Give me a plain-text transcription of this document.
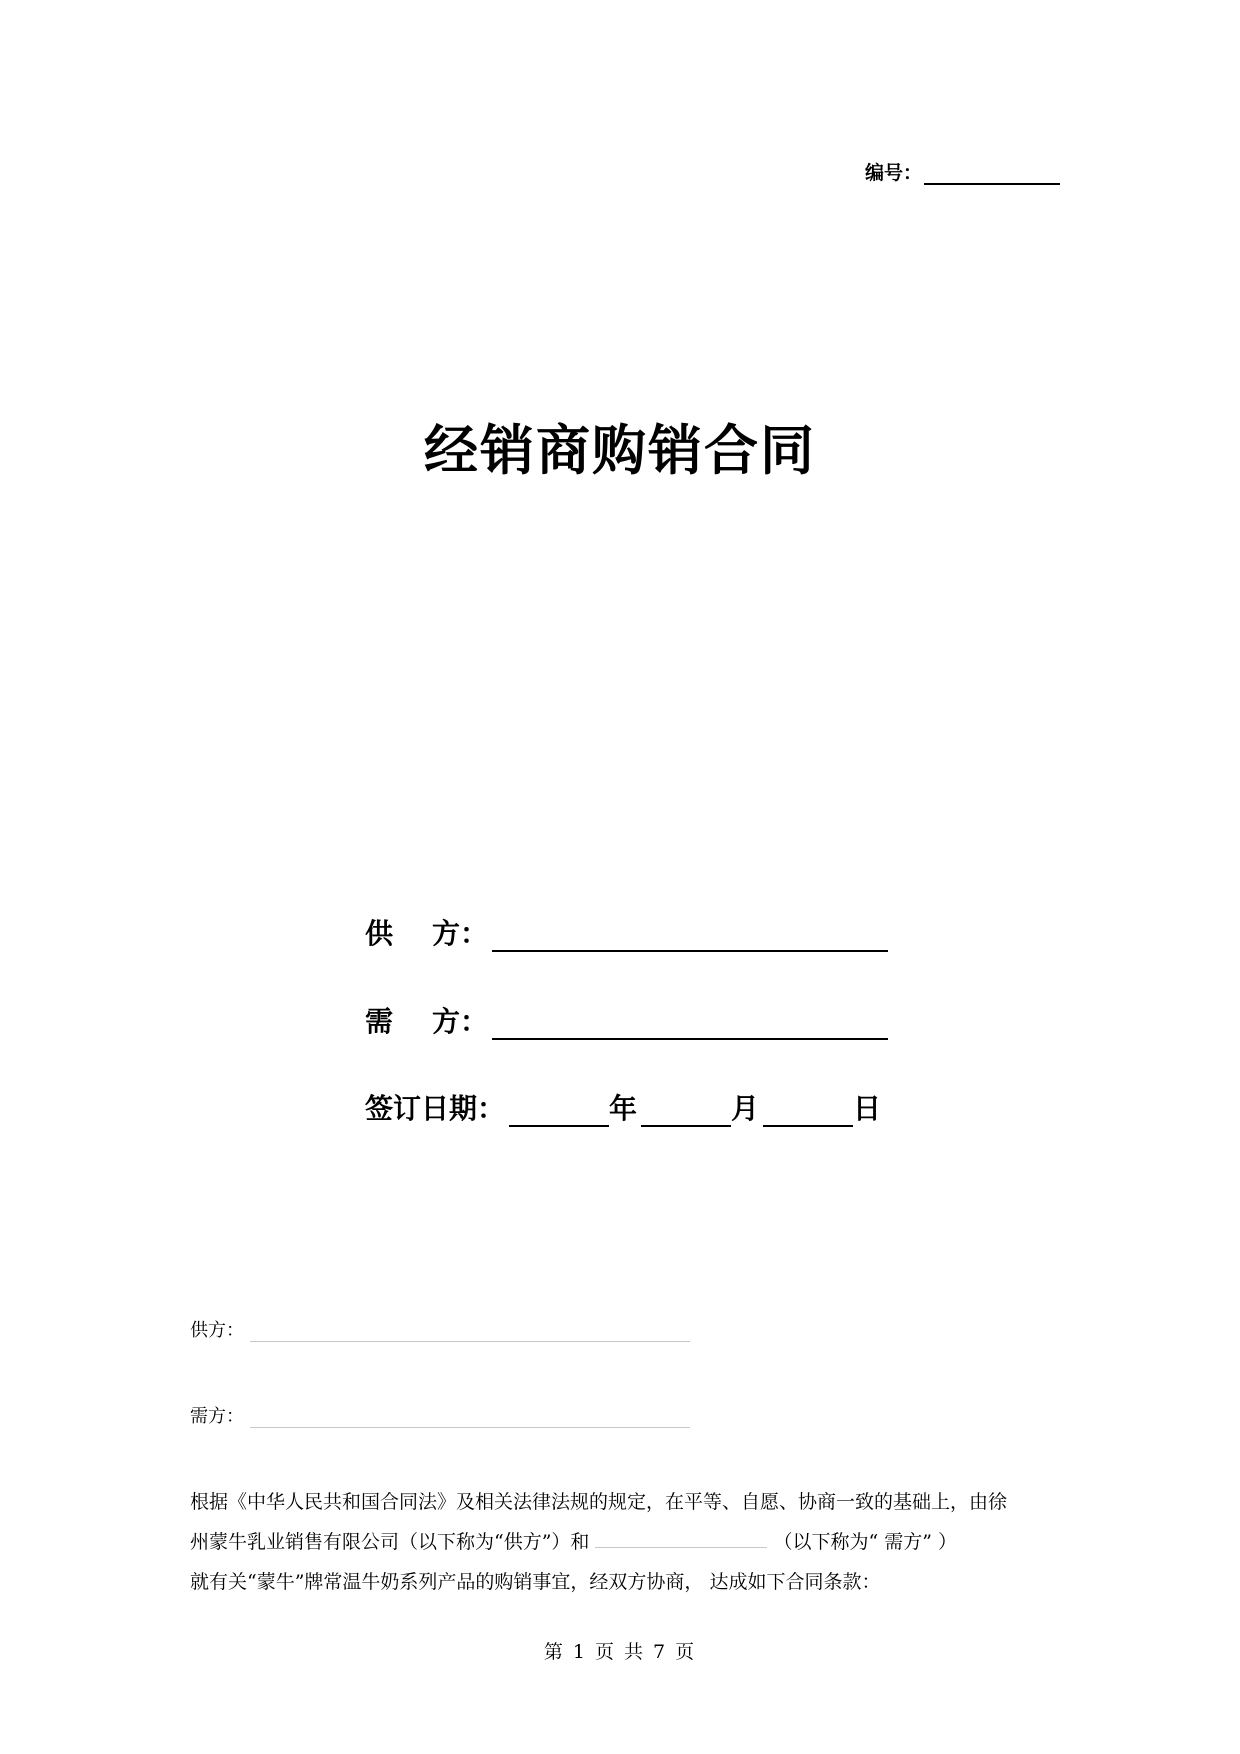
编号：
经销商购销合同
供    方：
需    方：
签订日期：	年	月	日
供方：
需方：
根据《中华人民共和国合同法》及相关法律法规的规定，在平等、自愿、协商一致的基础上，由徐
州蒙牛乳业销售有限公司（以下称为“供方”）和	（以下称为“ 需方” ）
就有关“蒙牛”牌常温牛奶系列产品的购销事宜，经双方协商， 达成如下合同条款：
第 1 页 共 7 页
